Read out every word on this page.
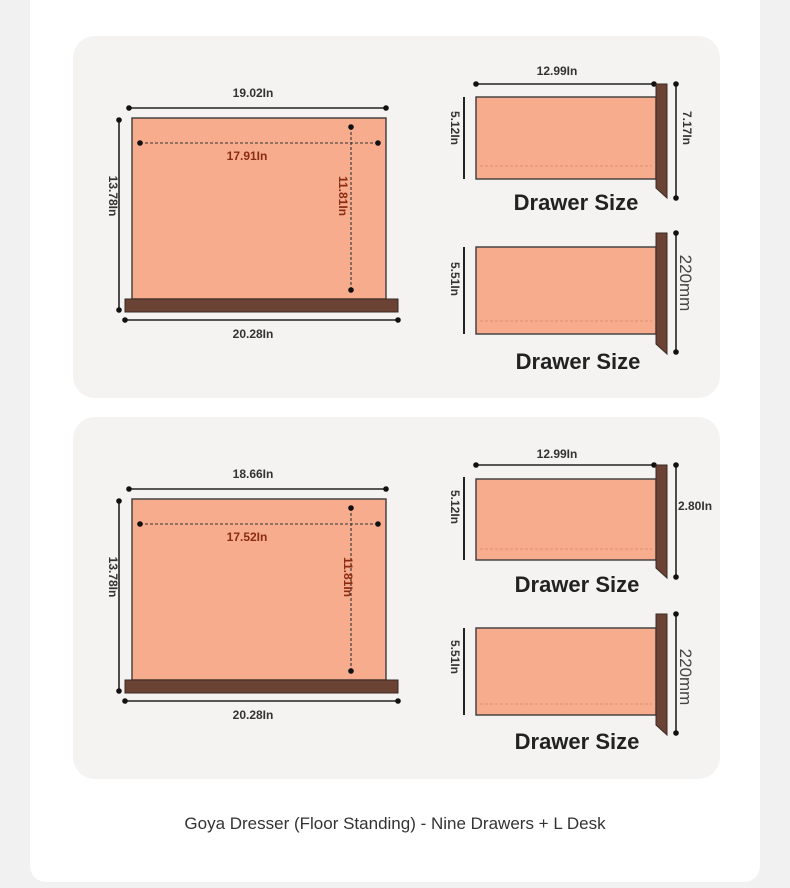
19.02In
17.91In
11.81In
13.78In
20.28In
12.99In
5.12In	7.17In
Drawer Size
5.51In	220mm
Drawer Size
18.66In
17.52In
11.81In
13.78In
20.28In
12.99In
5.12In	2.80In
Drawer Size
5.51In	220mm
Drawer Size
Goya Dresser (Floor Standing) - Nine Drawers + L Desk
